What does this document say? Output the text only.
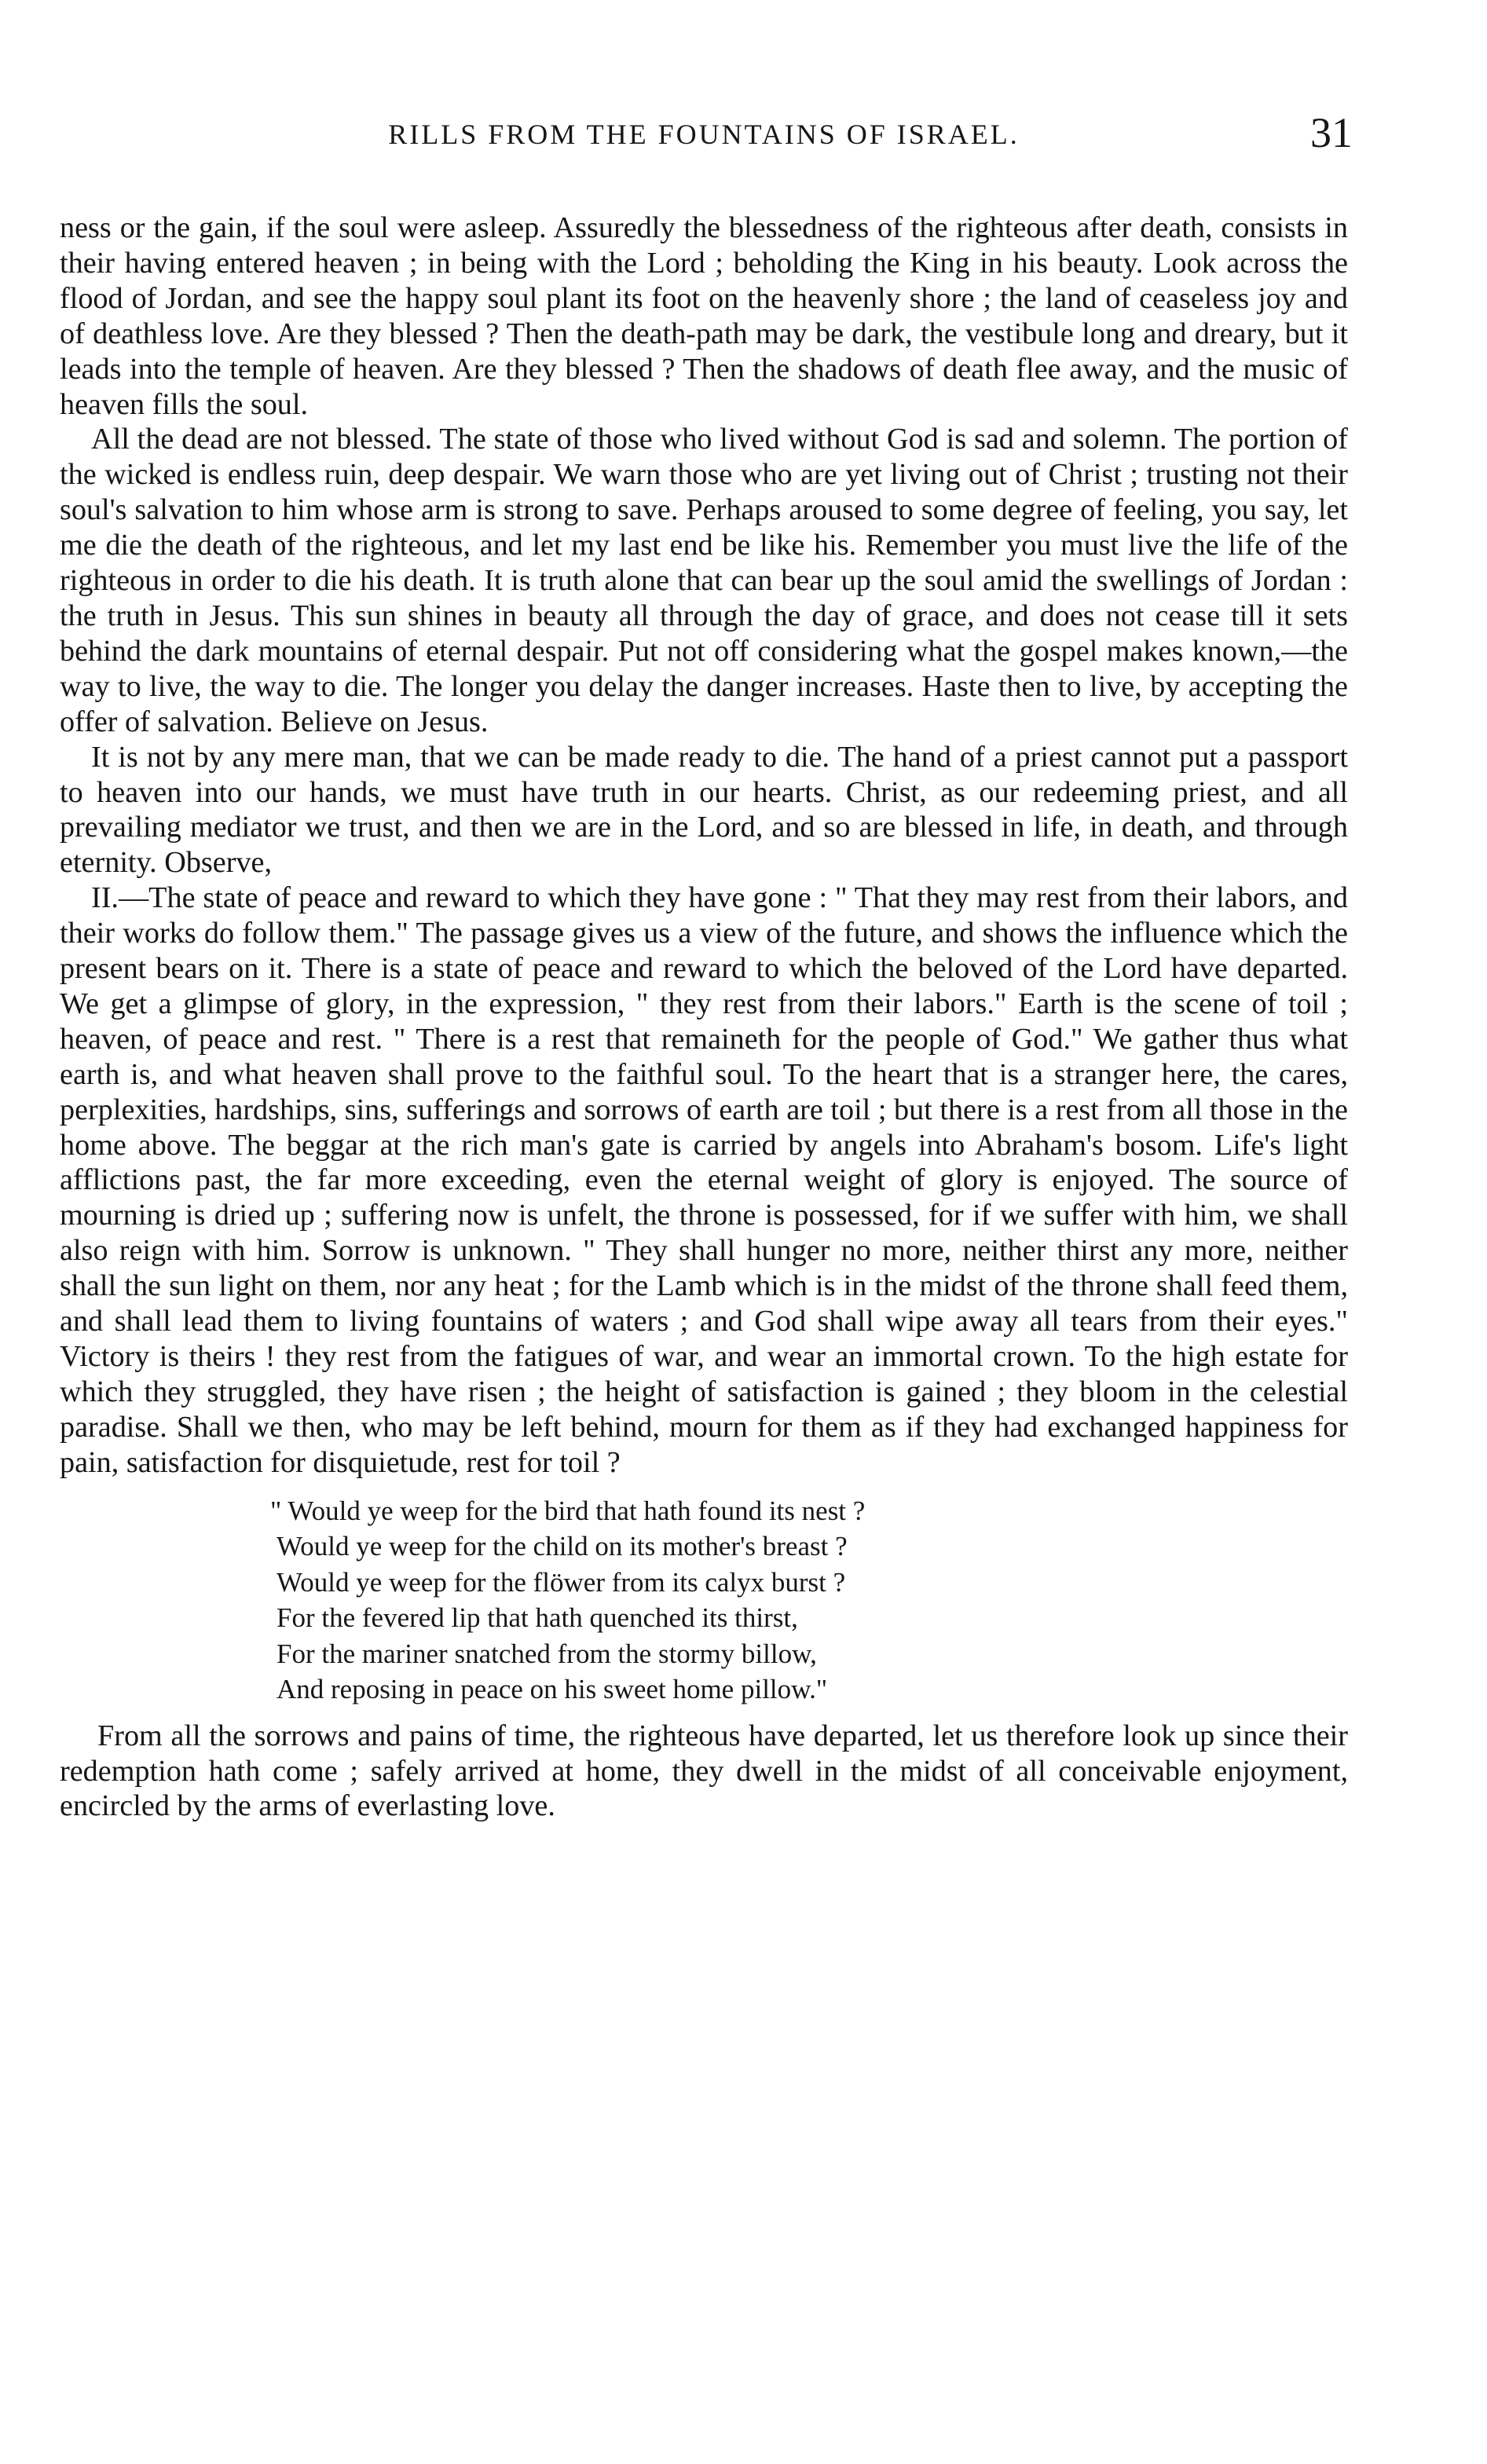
RILLS FROM THE FOUNTAINS OF ISRAEL.	31

ness or the gain, if the soul were asleep. Assuredly the blessedness of the righteous after death, consists in their having entered heaven ; in being with the Lord ; beholding the King in his beauty. Look across the flood of Jordan, and see the happy soul plant its foot on the heavenly shore ; the land of ceaseless joy and of deathless love. Are they blessed ? Then the death-path may be dark, the vestibule long and dreary, but it leads into the temple of heaven. Are they blessed ? Then the shadows of death flee away, and the music of heaven fills the soul.

All the dead are not blessed. The state of those who lived without God is sad and solemn. The portion of the wicked is endless ruin, deep despair. We warn those who are yet living out of Christ ; trusting not their soul's salvation to him whose arm is strong to save. Perhaps aroused to some degree of feeling, you say, let me die the death of the righteous, and let my last end be like his. Remember you must live the life of the righteous in order to die his death. It is truth alone that can bear up the soul amid the swellings of Jordan : the truth in Jesus. This sun shines in beauty all through the day of grace, and does not cease till it sets behind the dark mountains of eternal despair. Put not off considering what the gospel makes known,—the way to live, the way to die. The longer you delay the danger increases. Haste then to live, by accepting the offer of salvation. Believe on Jesus.

It is not by any mere man, that we can be made ready to die. The hand of a priest cannot put a passport to heaven into our hands, we must have truth in our hearts. Christ, as our redeeming priest, and all prevailing mediator we trust, and then we are in the Lord, and so are blessed in life, in death, and through eternity. Observe,

II.—The state of peace and reward to which they have gone : " That they may rest from their labors, and their works do follow them." The passage gives us a view of the future, and shows the influence which the present bears on it. There is a state of peace and reward to which the beloved of the Lord have departed. We get a glimpse of glory, in the expression, " they rest from their labors." Earth is the scene of toil ; heaven, of peace and rest. " There is a rest that remaineth for the people of God." We gather thus what earth is, and what heaven shall prove to the faithful soul. To the heart that is a stranger here, the cares, perplexities, hardships, sins, sufferings and sorrows of earth are toil ; but there is a rest from all those in the home above. The beggar at the rich man's gate is carried by angels into Abraham's bosom. Life's light afflictions past, the far more exceeding, even the eternal weight of glory is enjoyed. The source of mourning is dried up ; suffering now is unfelt, the throne is possessed, for if we suffer with him, we shall also reign with him. Sorrow is unknown. " They shall hunger no more, neither thirst any more, neither shall the sun light on them, nor any heat ; for the Lamb which is in the midst of the throne shall feed them, and shall lead them to living fountains of waters ; and God shall wipe away all tears from their eyes." Victory is theirs ! they rest from the fatigues of war, and wear an immortal crown. To the high estate for which they struggled, they have risen ; the height of satisfaction is gained ; they bloom in the celestial paradise. Shall we then, who may be left behind, mourn for them as if they had exchanged happiness for pain, satisfaction for disquietude, rest for toil ?

" Would ye weep for the bird that hath found its nest ?
Would ye weep for the child on its mother's breast ?
Would ye weep for the flöwer from its calyx burst ?
For the fevered lip that hath quenched its thirst,
For the mariner snatched from the stormy billow,
And reposing in peace on his sweet home pillow."

From all the sorrows and pains of time, the righteous have departed, let us therefore look up since their redemption hath come ; safely arrived at home, they dwell in the midst of all conceivable enjoyment, encircled by the arms of everlasting love.
